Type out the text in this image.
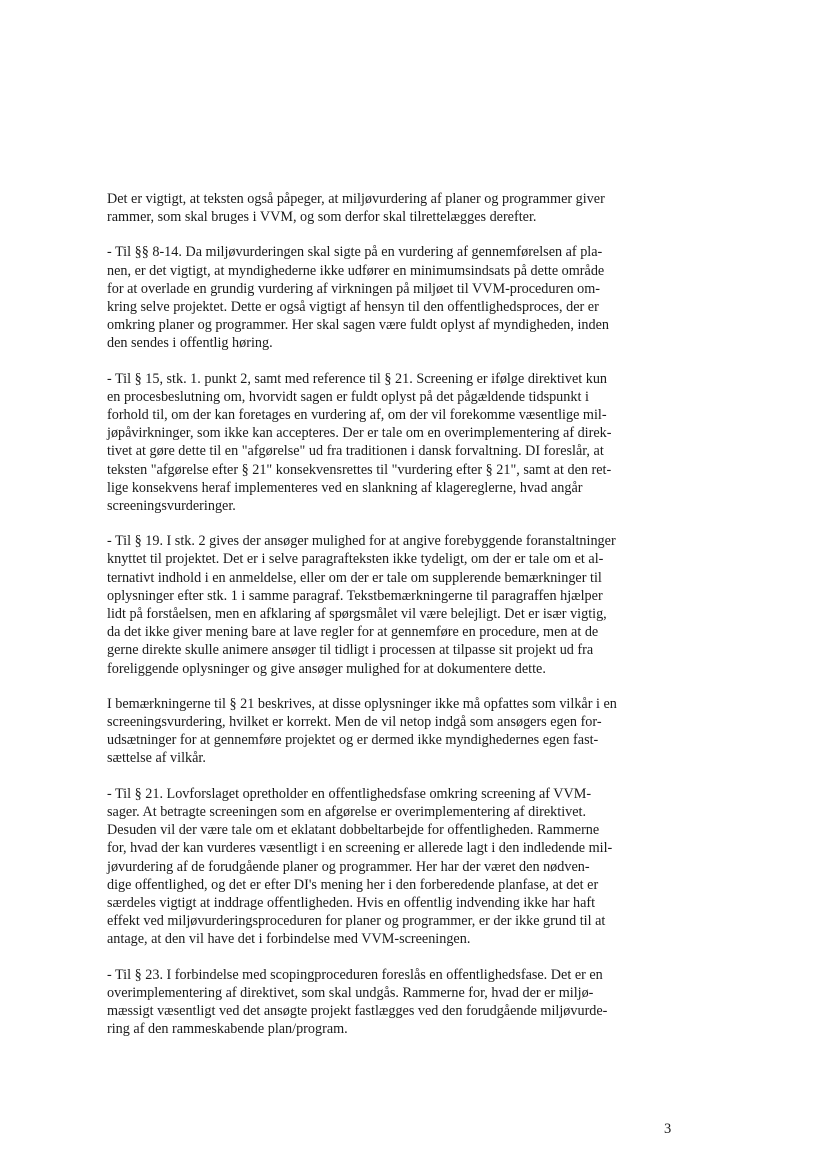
Det er vigtigt, at teksten også påpeger, at miljøvurdering af planer og programmer giver
rammer, som skal bruges i VVM, og som derfor skal tilrettelægges derefter.

- Til §§ 8-14. Da miljøvurderingen skal sigte på en vurdering af gennemførelsen af pla-
nen, er det vigtigt, at myndighederne ikke udfører en minimumsindsats på dette område
for at overlade en grundig vurdering af virkningen på miljøet til VVM-proceduren om-
kring selve projektet. Dette er også vigtigt af hensyn til den offentlighedsproces, der er
omkring planer og programmer. Her skal sagen være fuldt oplyst af myndigheden, inden
den sendes i offentlig høring.

- Til § 15, stk. 1. punkt 2, samt med reference til § 21. Screening er ifølge direktivet kun
en procesbeslutning om, hvorvidt sagen er fuldt oplyst på det pågældende tidspunkt i
forhold til, om der kan foretages en vurdering af, om der vil forekomme væsentlige mil-
jøpåvirkninger, som ikke kan accepteres. Der er tale om en overimplementering af direk-
tivet at gøre dette til en "afgørelse" ud fra traditionen i dansk forvaltning. DI foreslår, at
teksten "afgørelse efter § 21" konsekvensrettes til "vurdering efter § 21", samt at den ret-
lige konsekvens heraf implementeres ved en slankning af klagereglerne, hvad angår
screeningsvurderinger.

- Til § 19. I stk. 2 gives der ansøger mulighed for at angive forebyggende foranstaltninger
knyttet til projektet. Det er i selve paragrafteksten ikke tydeligt, om der er tale om et al-
ternativt indhold i en anmeldelse, eller om der er tale om supplerende bemærkninger til
oplysninger efter stk. 1 i samme paragraf. Tekstbemærkningerne til paragraffen hjælper
lidt på forståelsen, men en afklaring af spørgsmålet vil være belejligt. Det er især vigtig,
da det ikke giver mening bare at lave regler for at gennemføre en procedure, men at de
gerne direkte skulle animere ansøger til tidligt i processen at tilpasse sit projekt ud fra
foreliggende oplysninger og give ansøger mulighed for at dokumentere dette.

I bemærkningerne til § 21 beskrives, at disse oplysninger ikke må opfattes som vilkår i en
screeningsvurdering, hvilket er korrekt. Men de vil netop indgå som ansøgers egen for-
udsætninger for at gennemføre projektet og er dermed ikke myndighedernes egen fast-
sættelse af vilkår.

- Til § 21. Lovforslaget opretholder en offentlighedsfase omkring screening af VVM-
sager. At betragte screeningen som en afgørelse er overimplementering af direktivet.
Desuden vil der være tale om et eklatant dobbeltarbejde for offentligheden. Rammerne
for, hvad der kan vurderes væsentligt i en screening er allerede lagt i den indledende mil-
jøvurdering af de forudgående planer og programmer. Her har der været den nødven-
dige offentlighed, og det er efter DI's mening her i den forberedende planfase, at det er
særdeles vigtigt at inddrage offentligheden. Hvis en offentlig indvending ikke har haft
effekt ved miljøvurderingsproceduren for planer og programmer, er der ikke grund til at
antage, at den vil have det i forbindelse med VVM-screeningen.

- Til § 23. I forbindelse med scopingproceduren foreslås en offentlighedsfase. Det er en
overimplementering af direktivet, som skal undgås. Rammerne for, hvad der er miljø-
mæssigt væsentligt ved det ansøgte projekt fastlægges ved den forudgående miljøvurde-
ring af den rammeskabende plan/program.

3
